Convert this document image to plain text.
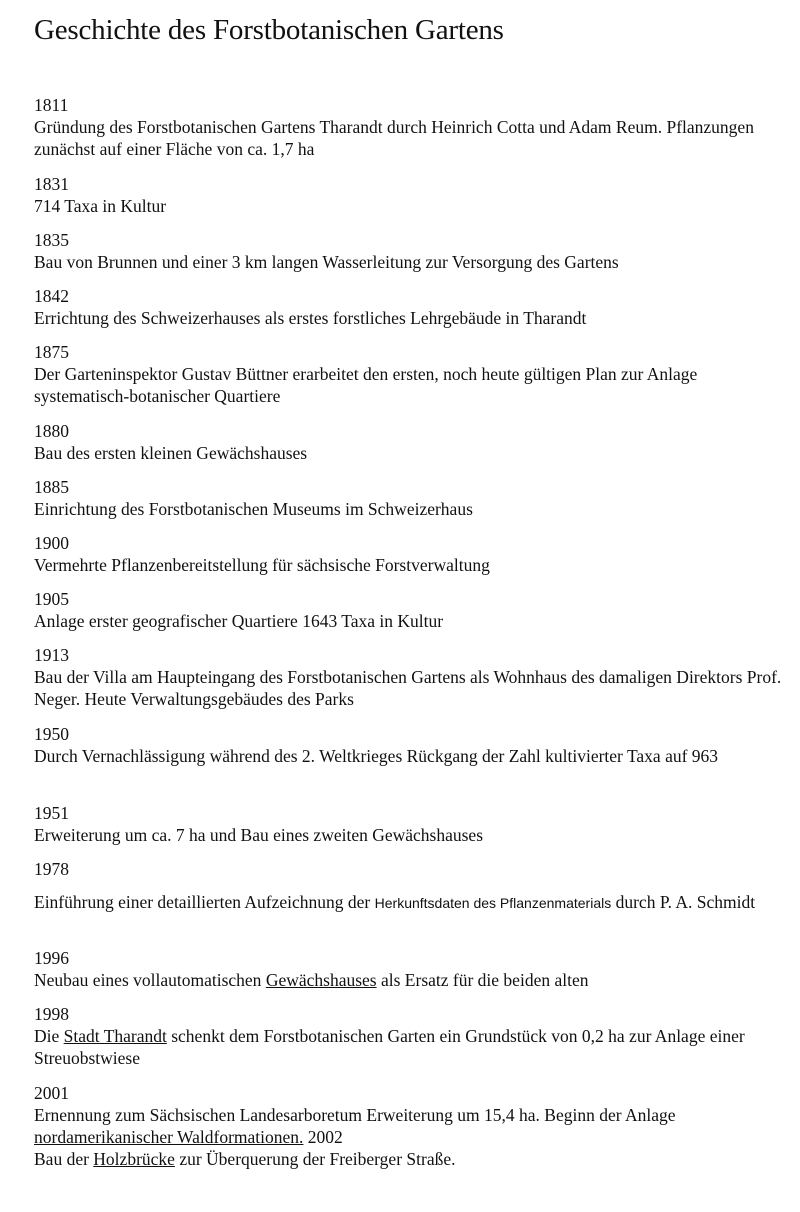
Geschichte des Forstbotanischen Gartens
1811
Gründung des Forstbotanischen Gartens Tharandt durch Heinrich Cotta und Adam Reum. Pflanzungen zunächst auf einer Fläche von ca. 1,7 ha
1831
714 Taxa in Kultur
1835
Bau von Brunnen und einer 3 km langen Wasserleitung zur Versorgung des Gartens
1842
Errichtung des Schweizerhauses als erstes forstliches Lehrgebäude in Tharandt
1875
Der Garteninspektor Gustav Büttner erarbeitet den ersten, noch heute gültigen Plan zur Anlage systematisch-botanischer Quartiere
1880
Bau des ersten kleinen Gewächshauses
1885
Einrichtung des Forstbotanischen Museums im Schweizerhaus
1900
Vermehrte Pflanzenbereitstellung für sächsische Forstverwaltung
1905
Anlage erster geografischer Quartiere 1643 Taxa in Kultur
1913
Bau der Villa am Haupteingang des Forstbotanischen Gartens als Wohnhaus des damaligen Direktors Prof. Neger. Heute Verwaltungsgebäudes des Parks
1950
Durch Vernachlässigung während des 2. Weltkrieges Rückgang der Zahl kultivierter Taxa auf 963
1951
Erweiterung um ca. 7 ha und Bau eines zweiten Gewächshauses
1978
Einführung einer detaillierten Aufzeichnung der Herkunftsdaten des Pflanzenmaterials durch P. A. Schmidt
1996
Neubau eines vollautomatischen Gewächshauses als Ersatz für die beiden alten
1998
Die Stadt Tharandt schenkt dem Forstbotanischen Garten ein Grundstück von 0,2 ha zur Anlage einer Streuobstwiese
2001
Ernennung zum Sächsischen Landesarboretum Erweiterung um 15,4 ha. Beginn der Anlage
nordamerikanischer Waldformationen. 2002
Bau der Holzbrücke zur Überquerung der Freiberger Straße.
